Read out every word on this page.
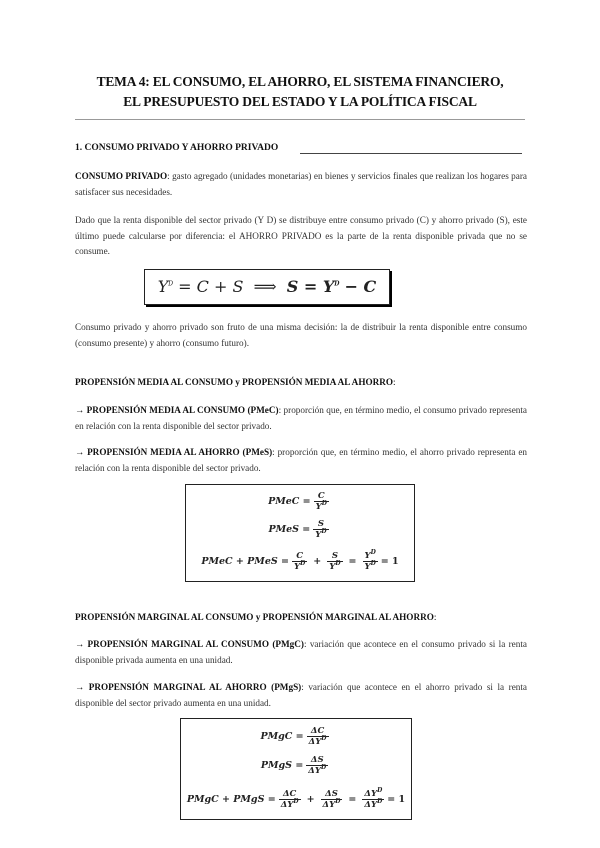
TEMA 4: EL CONSUMO, EL AHORRO, EL SISTEMA FINANCIERO,
EL PRESUPUESTO DEL ESTADO Y LA POLÍTICA FISCAL
1. CONSUMO PRIVADO Y AHORRO PRIVADO
CONSUMO PRIVADO: gasto agregado (unidades monetarias) en bienes y servicios finales que realizan los hogares para satisfacer sus necesidades.
Dado que la renta disponible del sector privado (Y D) se distribuye entre consumo privado (C) y ahorro privado (S), este último puede calcularse por diferencia: el AHORRO PRIVADO es la parte de la renta disponible privada que no se consume.
$Y^D = C + S$ ⟹ $S = Y^D - C$
Consumo privado y ahorro privado son fruto de una misma decisión: la de distribuir la renta disponible entre consumo (consumo presente) y ahorro (consumo futuro).
PROPENSIÓN MEDIA AL CONSUMO y PROPENSIÓN MEDIA AL AHORRO:
→ PROPENSIÓN MEDIA AL CONSUMO (PMeC): proporción que, en término medio, el consumo privado representa en relación con la renta disponible del sector privado.
→ PROPENSIÓN MEDIA AL AHORRO (PMeS): proporción que, en término medio, el ahorro privado representa en relación con la renta disponible del sector privado.
PMeC = $\frac{C}{Y^D}$
PMeS = $\frac{S}{Y^D}$
PMeC + PMeS = $\frac{C}{Y^D} + \frac{S}{Y^D} = \frac{Y^D}{Y^D} = 1$
PROPENSIÓN MARGINAL AL CONSUMO y PROPENSIÓN MARGINAL AL AHORRO:
→ PROPENSIÓN MARGINAL AL CONSUMO (PMgC): variación que acontece en el consumo privado si la renta disponible privada aumenta en una unidad.
→ PROPENSIÓN MARGINAL AL AHORRO (PMgS): variación que acontece en el ahorro privado si la renta disponible del sector privado aumenta en una unidad.
PMgC = $\frac{\Delta C}{\Delta Y^D}$
PMgS = $\frac{\Delta S}{\Delta Y^D}$
PMgC + PMgS = $\frac{\Delta C}{\Delta Y^D} + \frac{\Delta S}{\Delta Y^D} = \frac{\Delta Y^D}{\Delta Y^D} = 1$
